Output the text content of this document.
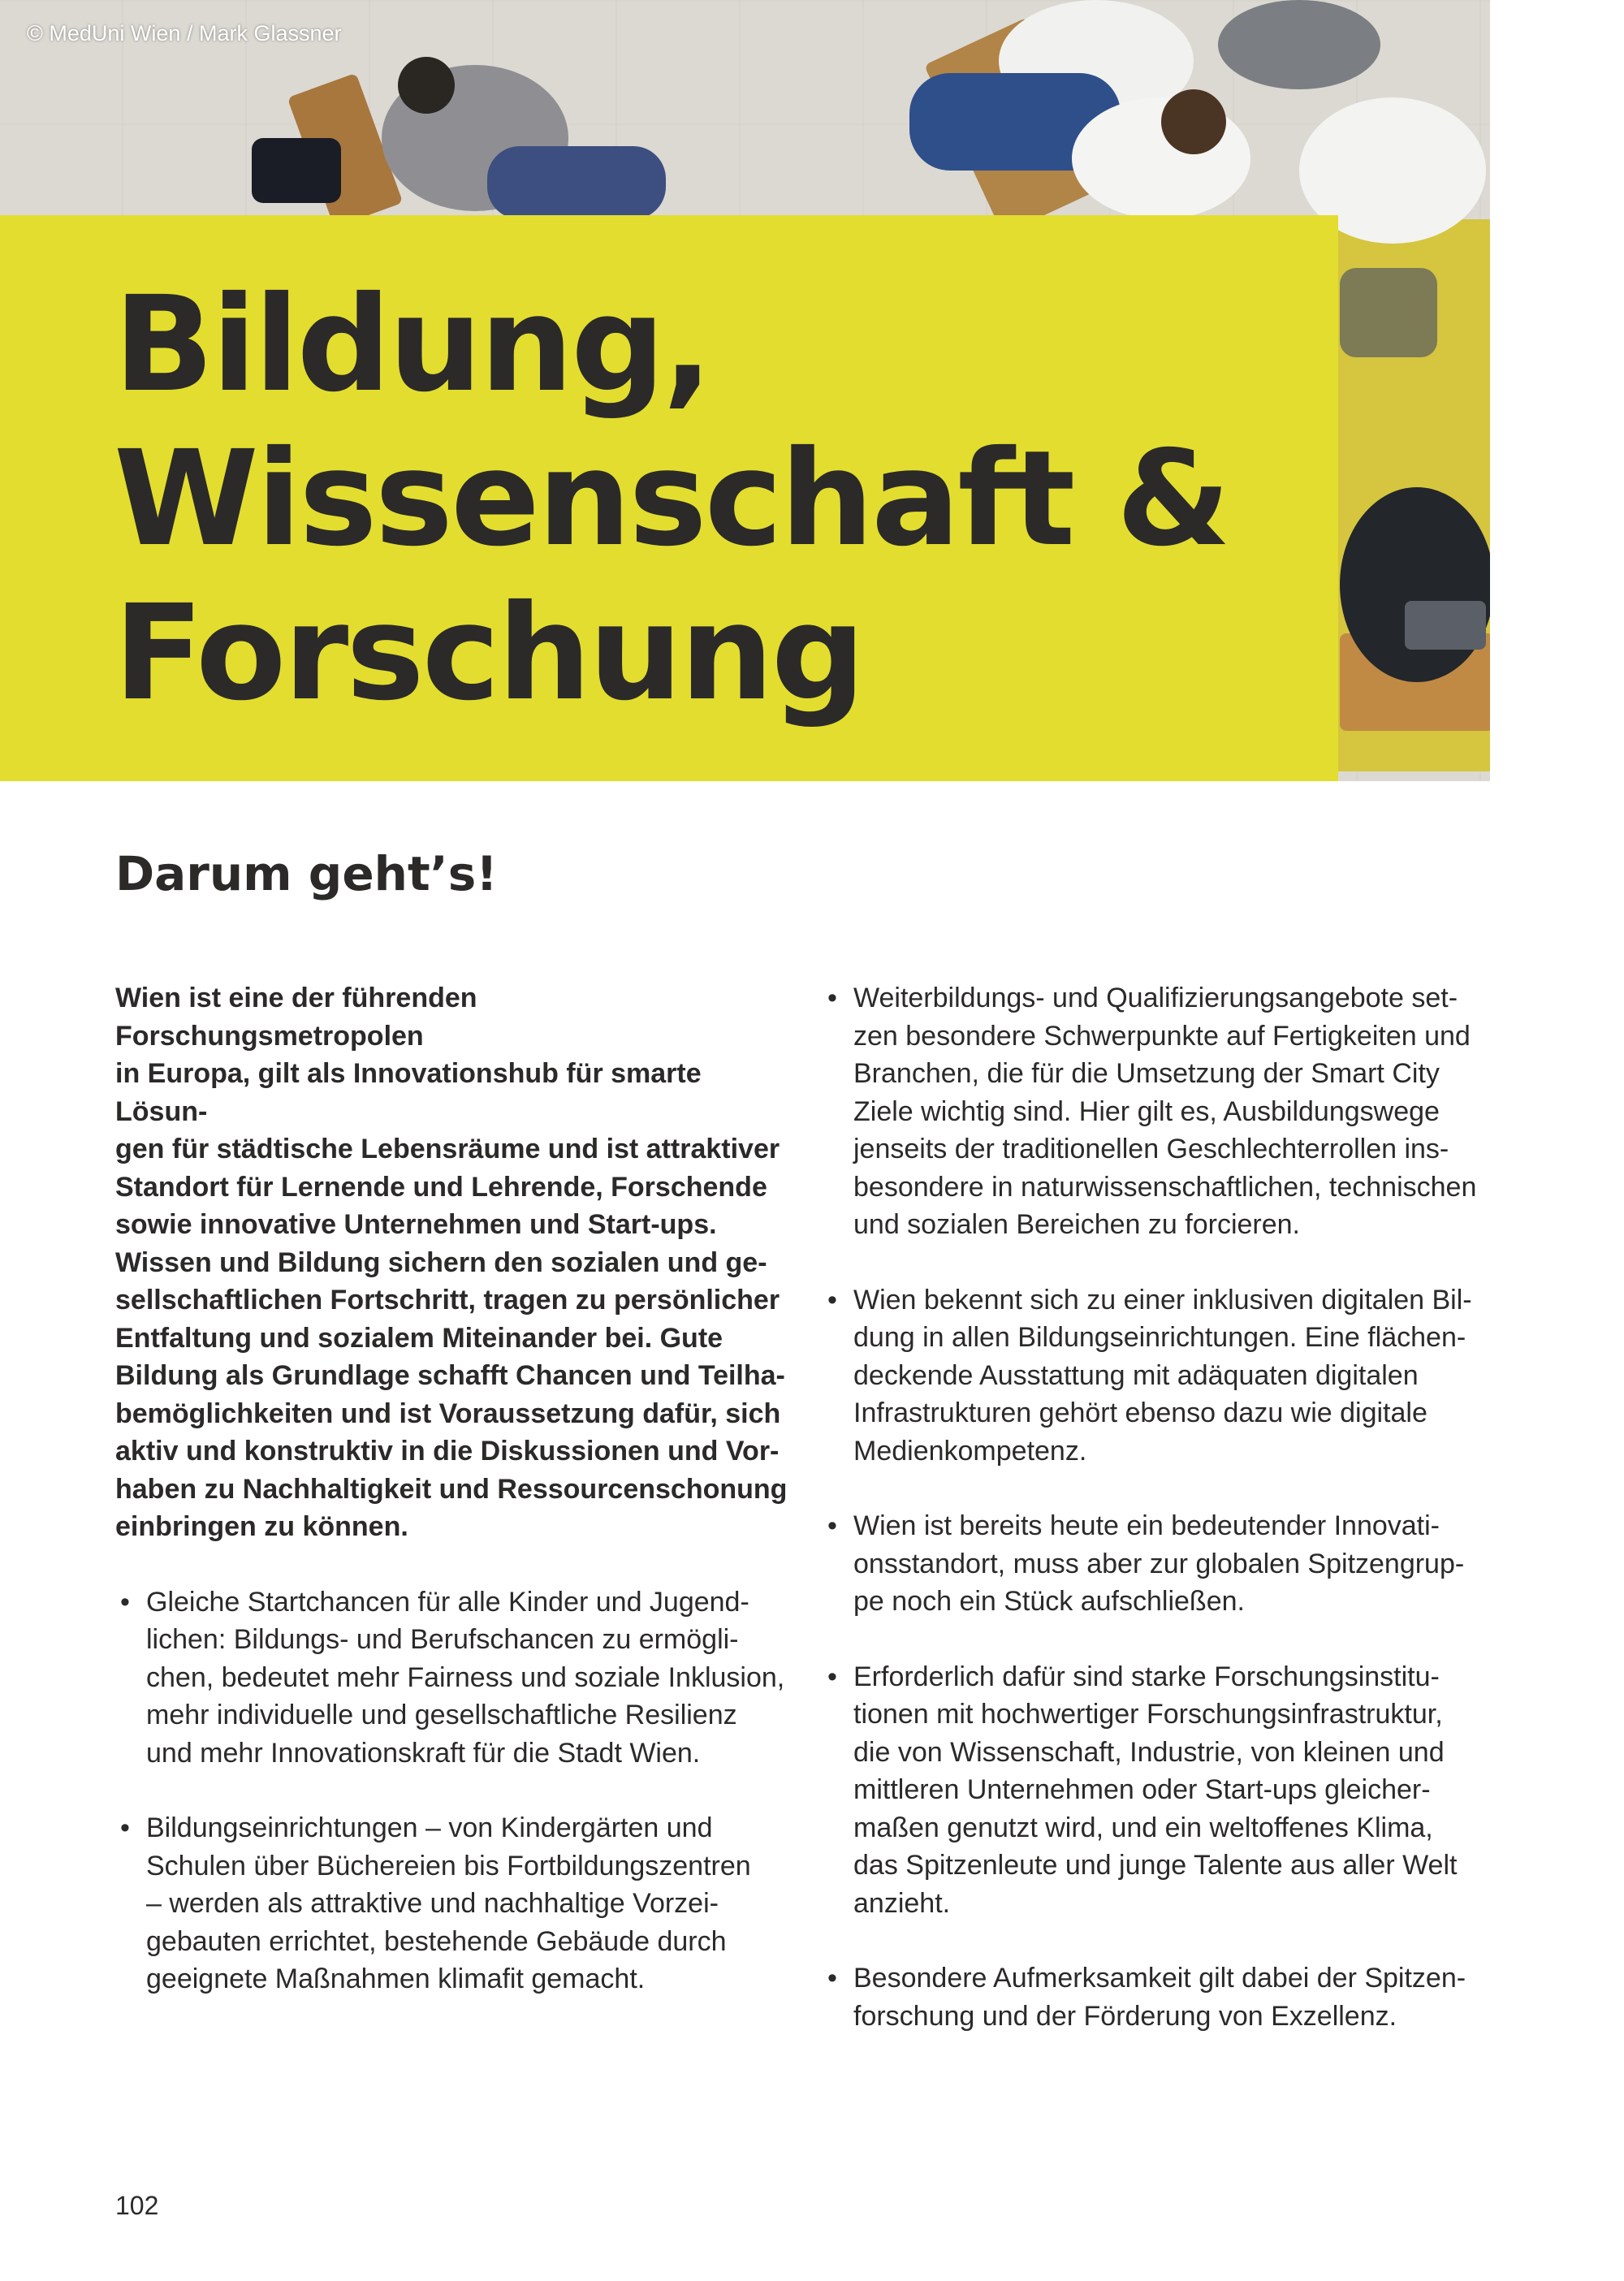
© MedUni Wien / Mark Glassner
Bildung,
Wissenschaft &
Forschung
Darum geht’s!

Wien ist eine der führenden Forschungsmetropolen
in Europa, gilt als Innovationshub für smarte Lösun-
gen für städtische Lebensräume und ist attraktiver
Standort für Lernende und Lehrende, Forschende
sowie innovative Unternehmen und Start-ups.
Wissen und Bildung sichern den sozialen und ge-
sellschaftlichen Fortschritt, tragen zu persönlicher
Entfaltung und sozialem Miteinander bei. Gute
Bildung als Grundlage schafft Chancen und Teilha-
bemöglichkeiten und ist Voraussetzung dafür, sich
aktiv und konstruktiv in die Diskussionen und Vor-
haben zu Nachhaltigkeit und Ressourcenschonung
einbringen zu können.

• Gleiche Startchancen für alle Kinder und Jugend-
lichen: Bildungs- und Berufschancen zu ermögli-
chen, bedeutet mehr Fairness und soziale Inklusion,
mehr individuelle und gesellschaftliche Resilienz
und mehr Innovationskraft für die Stadt Wien.
• Bildungseinrichtungen – von Kindergärten und
Schulen über Büchereien bis Fortbildungszentren
– werden als attraktive und nachhaltige Vorzei-
gebauten errichtet, bestehende Gebäude durch
geeignete Maßnahmen klimafit gemacht.
• Weiterbildungs- und Qualifizierungsangebote set-
zen besondere Schwerpunkte auf Fertigkeiten und
Branchen, die für die Umsetzung der Smart City
Ziele wichtig sind. Hier gilt es, Ausbildungswege
jenseits der traditionellen Geschlechterrollen ins-
besondere in naturwissenschaftlichen, technischen
und sozialen Bereichen zu forcieren.
• Wien bekennt sich zu einer inklusiven digitalen Bil-
dung in allen Bildungseinrichtungen. Eine flächen-
deckende Ausstattung mit adäquaten digitalen
Infrastrukturen gehört ebenso dazu wie digitale
Medienkompetenz.
• Wien ist bereits heute ein bedeutender Innovati-
onsstandort, muss aber zur globalen Spitzengrup-
pe noch ein Stück aufschließen.
• Erforderlich dafür sind starke Forschungsinstitu-
tionen mit hochwertiger Forschungsinfrastruktur,
die von Wissenschaft, Industrie, von kleinen und
mittleren Unternehmen oder Start-ups gleicher-
maßen genutzt wird, und ein weltoffenes Klima,
das Spitzenleute und junge Talente aus aller Welt
anzieht.
• Besondere Aufmerksamkeit gilt dabei der Spitzen-
forschung und der Förderung von Exzellenz.
102
